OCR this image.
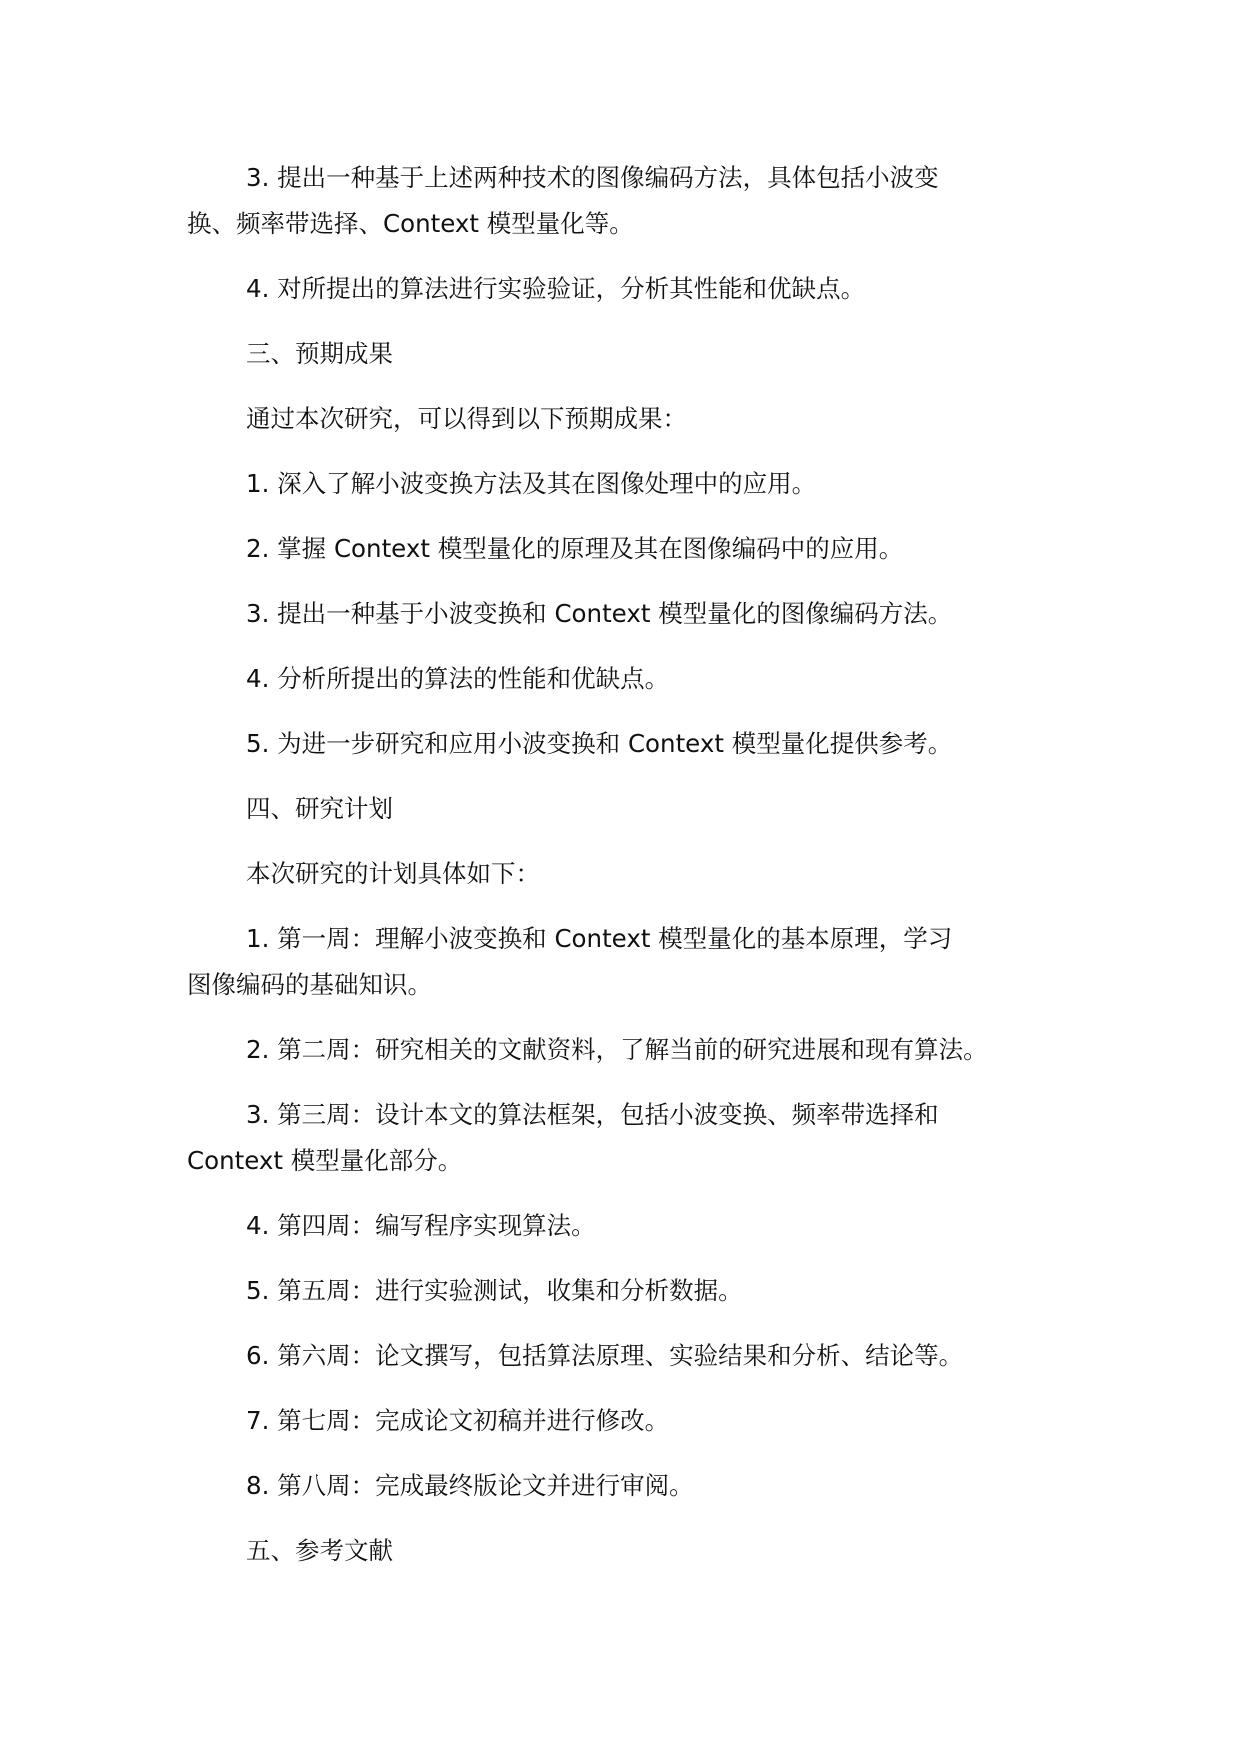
3. 提出一种基于上述两种技术的图像编码方法，具体包括小波变换、频率带选择、Context 模型量化等。

4. 对所提出的算法进行实验验证，分析其性能和优缺点。

三、预期成果

通过本次研究，可以得到以下预期成果：

1. 深入了解小波变换方法及其在图像处理中的应用。

2. 掌握 Context 模型量化的原理及其在图像编码中的应用。

3. 提出一种基于小波变换和 Context 模型量化的图像编码方法。

4. 分析所提出的算法的性能和优缺点。

5. 为进一步研究和应用小波变换和 Context 模型量化提供参考。

四、研究计划

本次研究的计划具体如下：

1. 第一周：理解小波变换和 Context 模型量化的基本原理，学习图像编码的基础知识。

2. 第二周：研究相关的文献资料，了解当前的研究进展和现有算法。

3. 第三周：设计本文的算法框架，包括小波变换、频率带选择和 Context 模型量化部分。

4. 第四周：编写程序实现算法。

5. 第五周：进行实验测试，收集和分析数据。

6. 第六周：论文撰写，包括算法原理、实验结果和分析、结论等。

7. 第七周：完成论文初稿并进行修改。

8. 第八周：完成最终版论文并进行审阅。

五、参考文献
